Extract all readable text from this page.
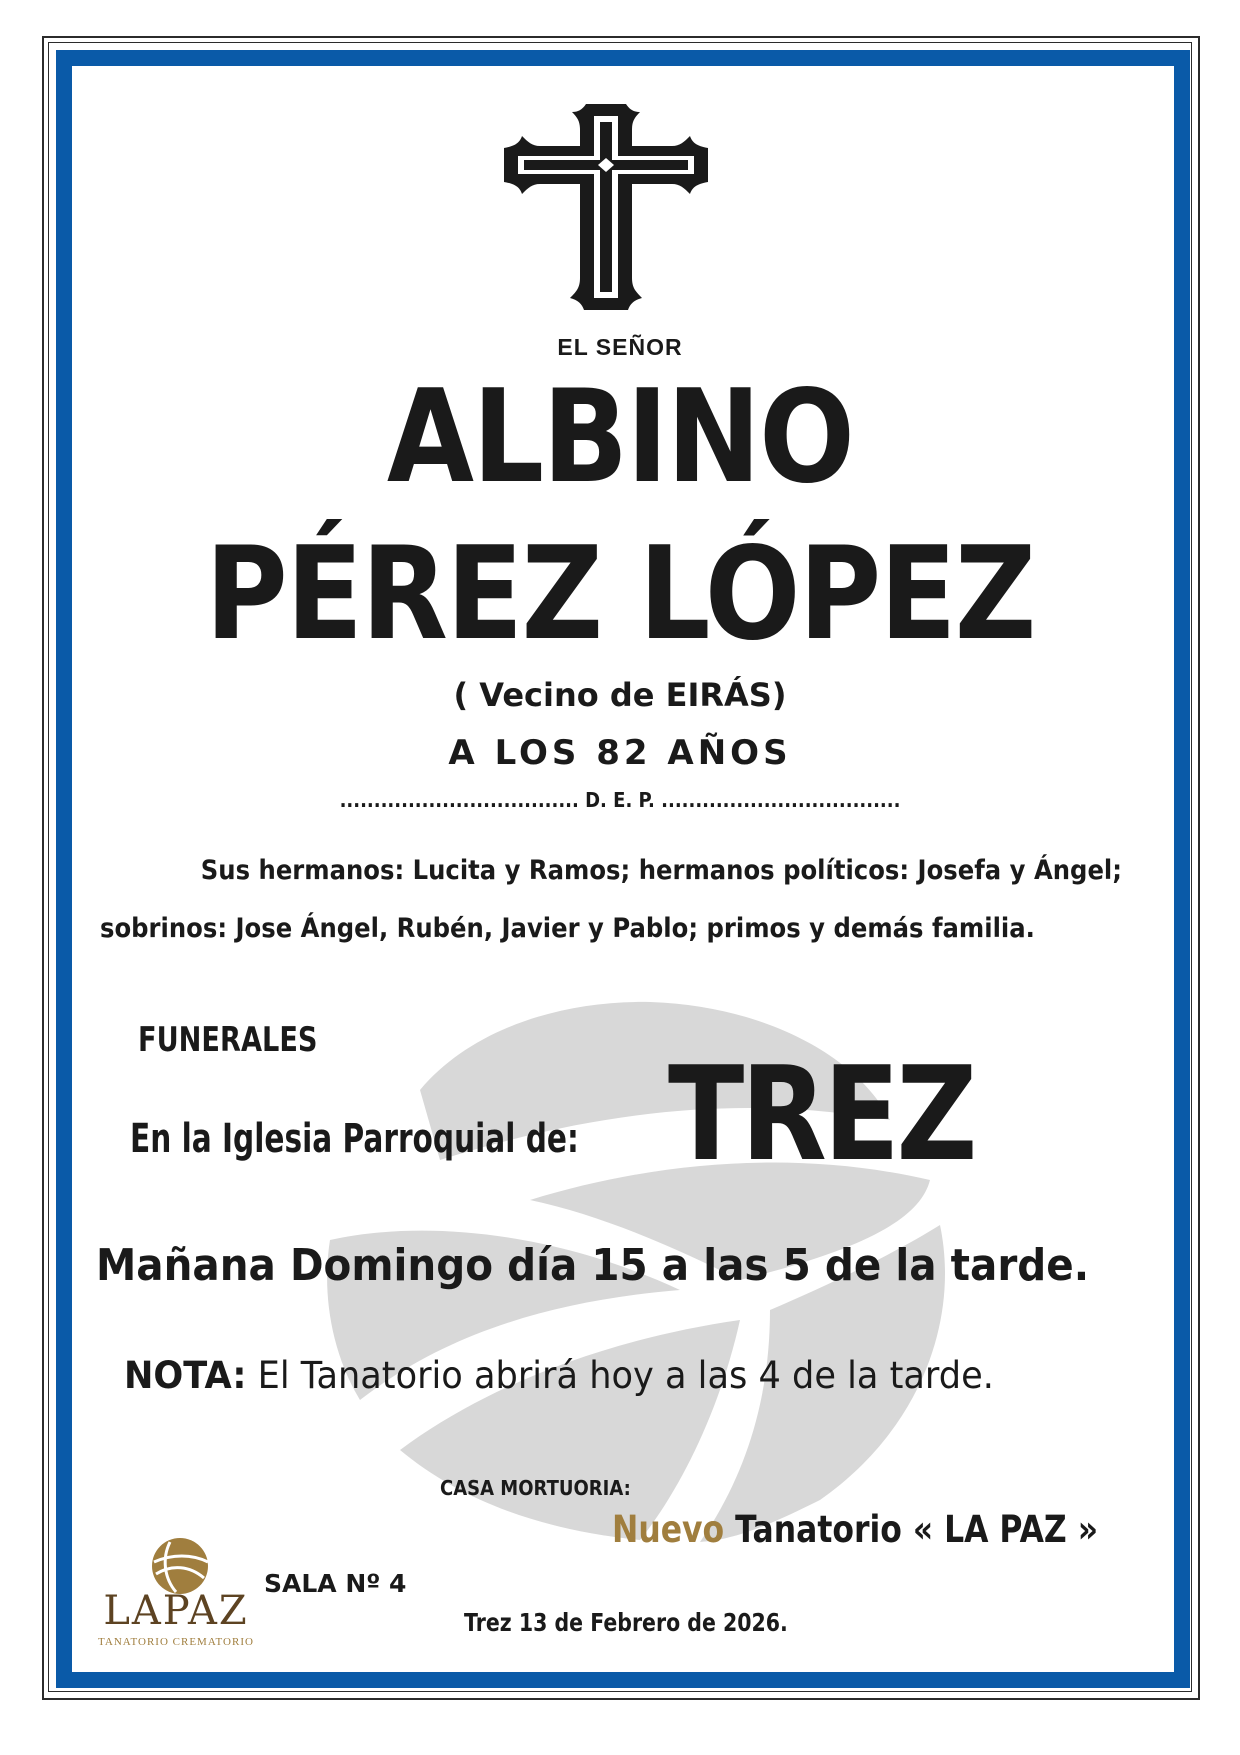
EL SEÑOR
ALBINO
PÉREZ LÓPEZ
( Vecino de EIRÁS)
A LOS 82 AÑOS
................................... D. E. P. ...................................
Sus hermanos: Lucita y Ramos; hermanos políticos: Josefa y Ángel;
sobrinos: Jose Ángel, Rubén, Javier y Pablo; primos y demás familia.
FUNERALES
En la Iglesia Parroquial de: TREZ
Mañana Domingo día 15 a las 5 de la tarde.
NOTA: El Tanatorio abrirá hoy a las 4 de la tarde.
CASA MORTUORIA:
Nuevo Tanatorio « LA PAZ »
SALA Nº 4
Trez 13 de Febrero de 2026.
LAPAZ
TANATORIO CREMATORIO
